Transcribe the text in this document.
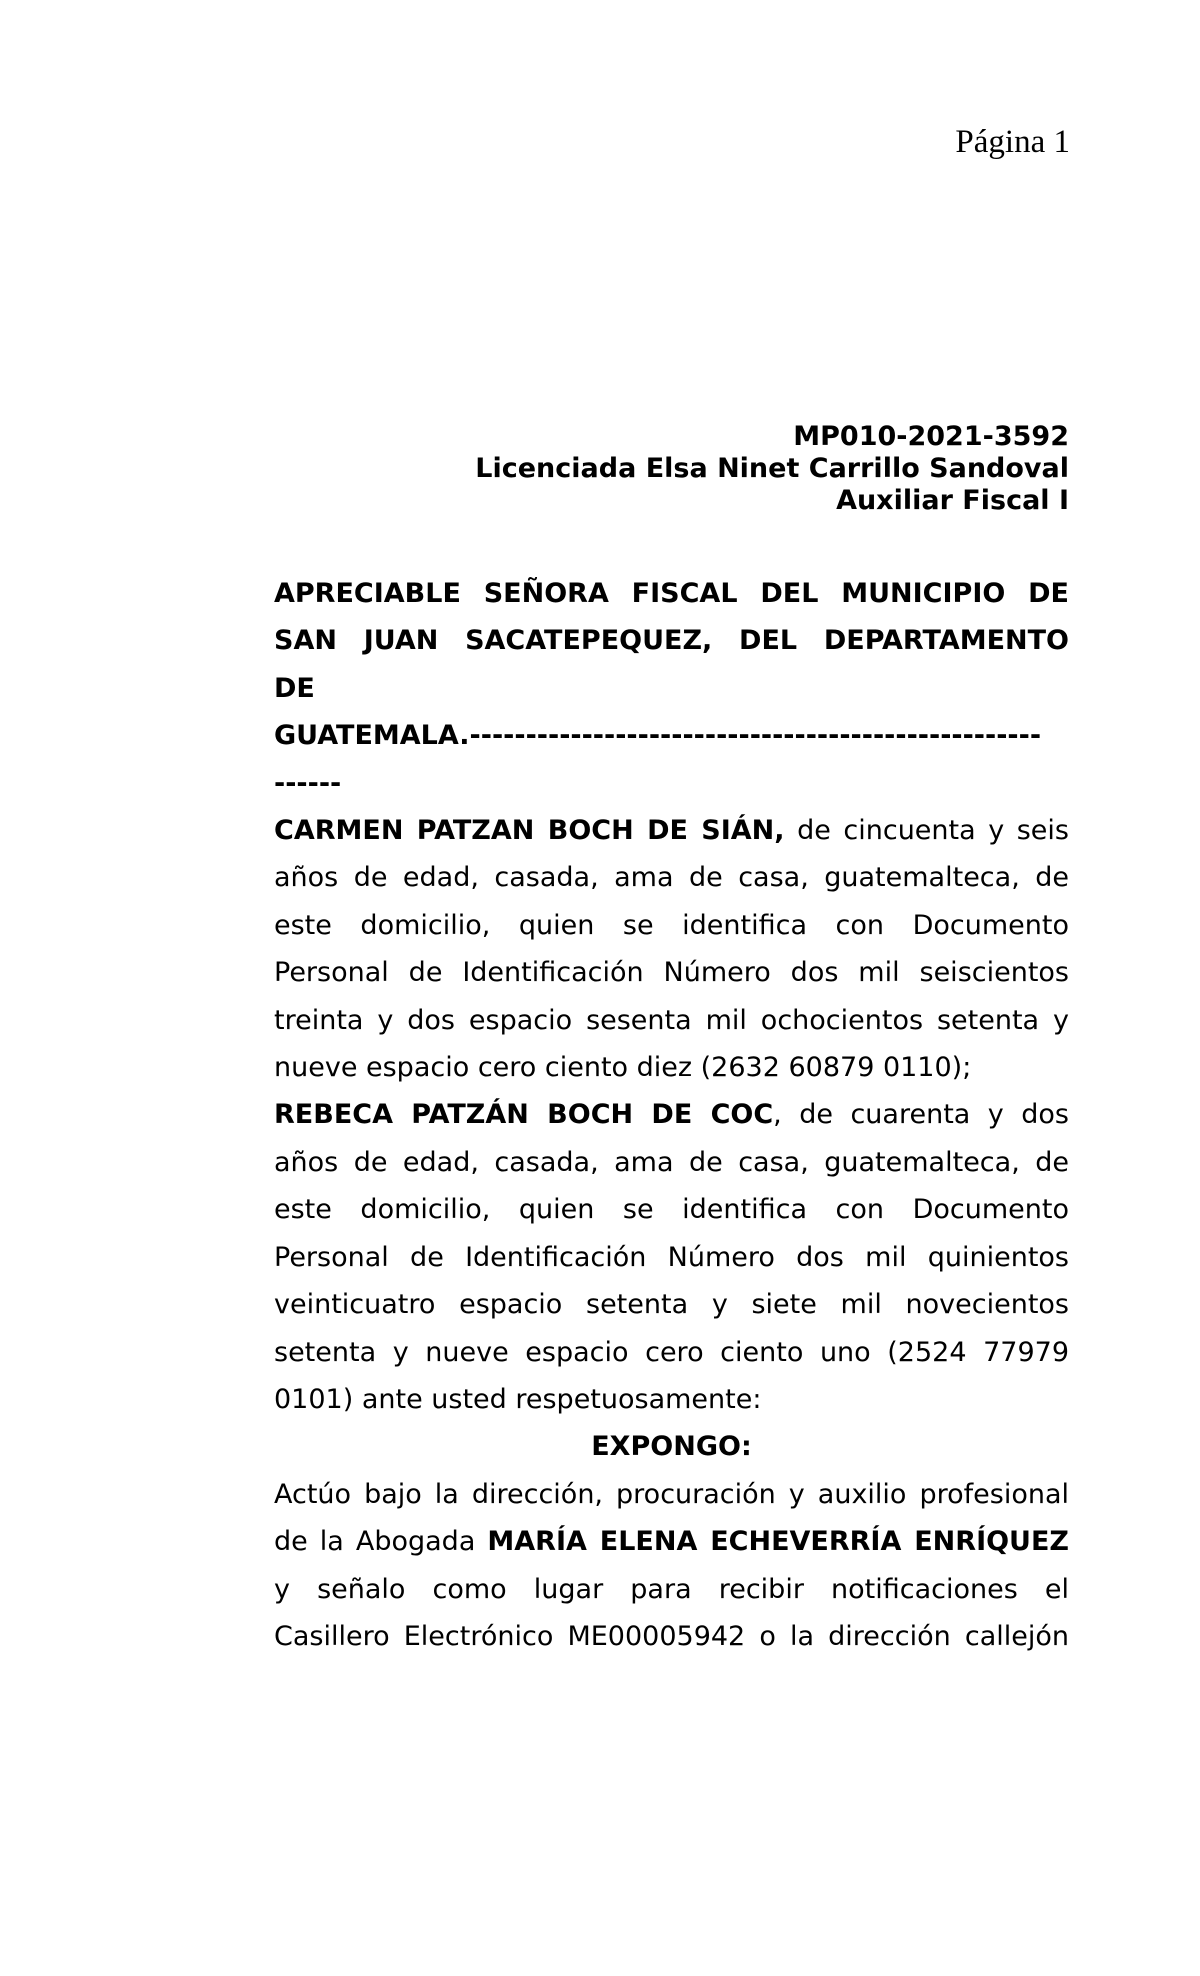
Página 1
MP010-2021-3592
Licenciada Elsa Ninet Carrillo Sandoval
Auxiliar Fiscal I
APRECIABLE SEÑORA FISCAL DEL MUNICIPIO DE
SAN JUAN SACATEPEQUEZ, DEL DEPARTAMENTO
DE
GUATEMALA.---------------------------------------------------
------
CARMEN PATZAN BOCH DE SIÁN, de cincuenta y seis
años de edad, casada, ama de casa, guatemalteca, de
este domicilio, quien se identifica con Documento
Personal de Identificación Número dos mil seiscientos
treinta y dos espacio sesenta mil ochocientos setenta y
nueve espacio cero ciento diez (2632 60879 0110);
REBECA PATZÁN BOCH DE COC, de cuarenta y dos
años de edad, casada, ama de casa, guatemalteca, de
este domicilio, quien se identifica con Documento
Personal de Identificación Número dos mil quinientos
veinticuatro espacio setenta y siete mil novecientos
setenta y nueve espacio cero ciento uno (2524 77979
0101) ante usted respetuosamente:
EXPONGO:
Actúo bajo la dirección, procuración y auxilio profesional
de la Abogada MARÍA ELENA ECHEVERRÍA ENRÍQUEZ
y señalo como lugar para recibir notificaciones el
Casillero Electrónico ME00005942 o la dirección callejón
